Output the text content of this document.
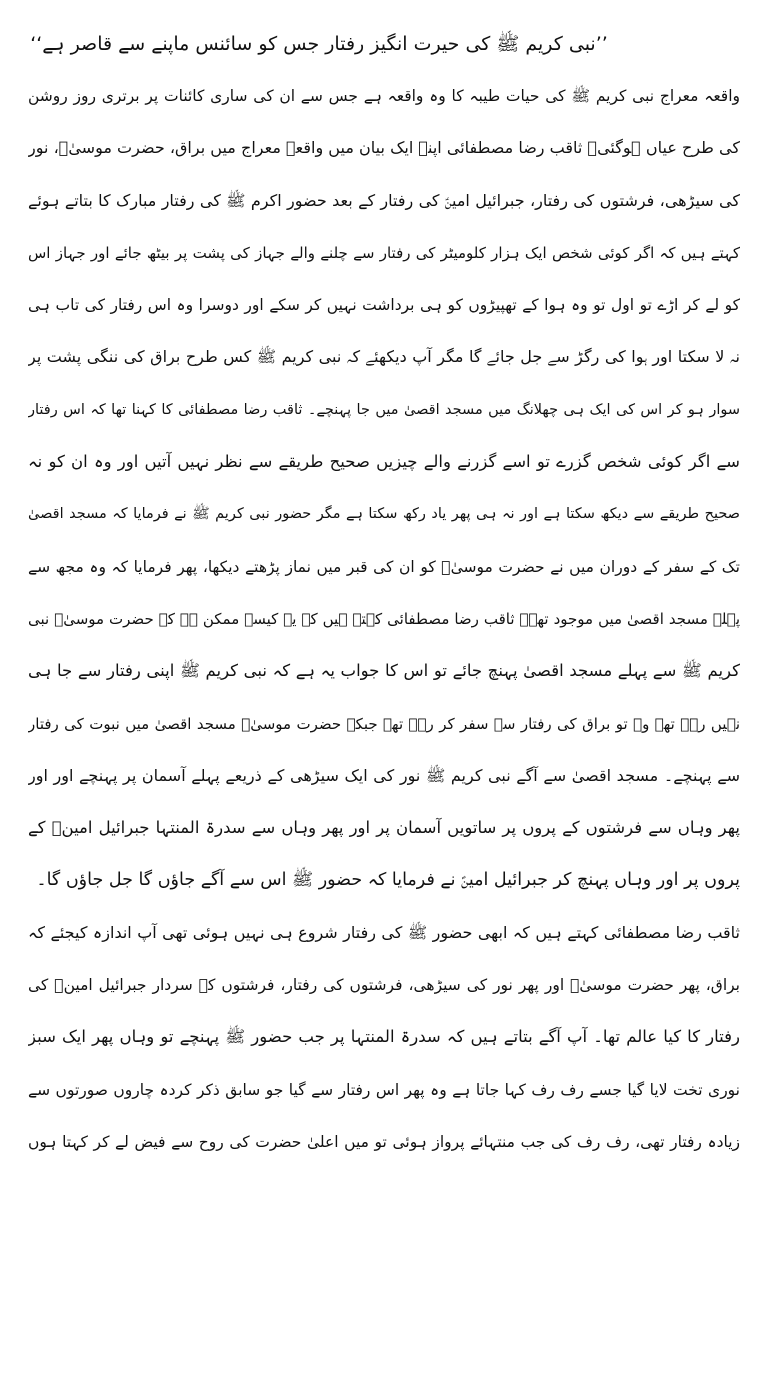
’’نبی کریم ﷺ کی حیرت انگیز رفتار جس کو سائنس ماپنے سے قاصر ہے‘‘
واقعہ معراج نبی کریم ﷺ کی حیات طیبہ کا وہ واقعہ ہے جس سے ان کی ساری کائنات پر برتری روز روشن
کی طرح عیاں ہوگئی۔ ثاقب رضا مصطفائی اپنے ایک بیان میں واقعہ معراج میں براق، حضرت موسیٰؑ، نور
کی سیڑھی، فرشتوں کی رفتار، جبرائیل امینؑ کی رفتار کے بعد حضور اکرم ﷺ کی رفتار مبارک کا بتاتے ہوئے
کہتے ہیں کہ اگر کوئی شخص ایک ہزار کلومیٹر کی رفتار سے چلنے والے جہاز کی پشت پر بیٹھ جائے اور جہاز اس
کو لے کر اڑے تو اول تو وہ ہوا کے تھپیڑوں کو ہی برداشت نہیں کر سکے اور دوسرا وہ اس رفتار کی تاب ہی
نہ لا سکتا اور ہوا کی رگڑ سے جل جائے گا مگر آپ دیکھئے کہ نبی کریم ﷺ کس طرح براق کی ننگی پشت پر
سوار ہو کر اس کی ایک ہی چھلانگ میں مسجد اقصیٰ میں جا پہنچے۔ ثاقب رضا مصطفائی کا کہنا تھا کہ اس رفتار
سے اگر کوئی شخص گزرے تو اسے گزرنے والے چیزیں صحیح طریقے سے نظر نہیں آتیں اور وہ ان کو نہ
صحیح طریقے سے دیکھ سکتا ہے اور نہ ہی پھر یاد رکھ سکتا ہے مگر حضور نبی کریم ﷺ نے فرمایا کہ مسجد اقصیٰ
تک کے سفر کے دوران میں نے حضرت موسیٰؑ کو ان کی قبر میں نماز پڑھتے دیکھا، پھر فرمایا کہ وہ مجھ سے
پہلے مسجد اقصیٰ میں موجود تھے۔ ثاقب رضا مصطفائی کہتے ہیں کہ یہ کیسے ممکن ہے کہ حضرت موسیٰؑ نبی
کریم ﷺ سے پہلے مسجد اقصیٰ پہنچ جائے تو اس کا جواب یہ ہے کہ نبی کریم ﷺ اپنی رفتار سے جا ہی
نہیں رہے تھے وہ تو براق کی رفتار سے سفر کر رہے تھے جبکہ حضرت موسیٰؑ مسجد اقصیٰ میں نبوت کی رفتار
سے پہنچے۔ مسجد اقصیٰ سے آگے نبی کریم ﷺ نور کی ایک سیڑھی کے ذریعے پہلے آسمان پر پہنچے اور اور
پھر وہاں سے فرشتوں کے پروں پر ساتویں آسمان پر اور پھر وہاں سے سدرۃ المنتہا جبرائیل امینؑ کے
پروں پر اور وہاں پہنچ کر جبرائیل امینؑ نے فرمایا کہ حضور ﷺ اس سے آگے جاؤں گا جل جاؤں گا۔
ثاقب رضا مصطفائی کہتے ہیں کہ ابھی حضور ﷺ کی رفتار شروع ہی نہیں ہوئی تھی آپ اندازہ کیجئے کہ
براق، پھر حضرت موسیٰؑ اور پھر نور کی سیڑھی، فرشتوں کی رفتار، فرشتوں کے سردار جبرائیل امینؑ کی
رفتار کا کیا عالم تھا۔ آپ آگے بتاتے ہیں کہ سدرۃ المنتہا پر جب حضور ﷺ پہنچے تو وہاں پھر ایک سبز
نوری تخت لایا گیا جسے رف رف کہا جاتا ہے وہ پھر اس رفتار سے گیا جو سابق ذکر کردہ چاروں صورتوں سے
زیادہ رفتار تھی، رف رف کی جب منتہائے پرواز ہوئی تو میں اعلیٰ حضرت کی روح سے فیض لے کر کہتا ہوں
